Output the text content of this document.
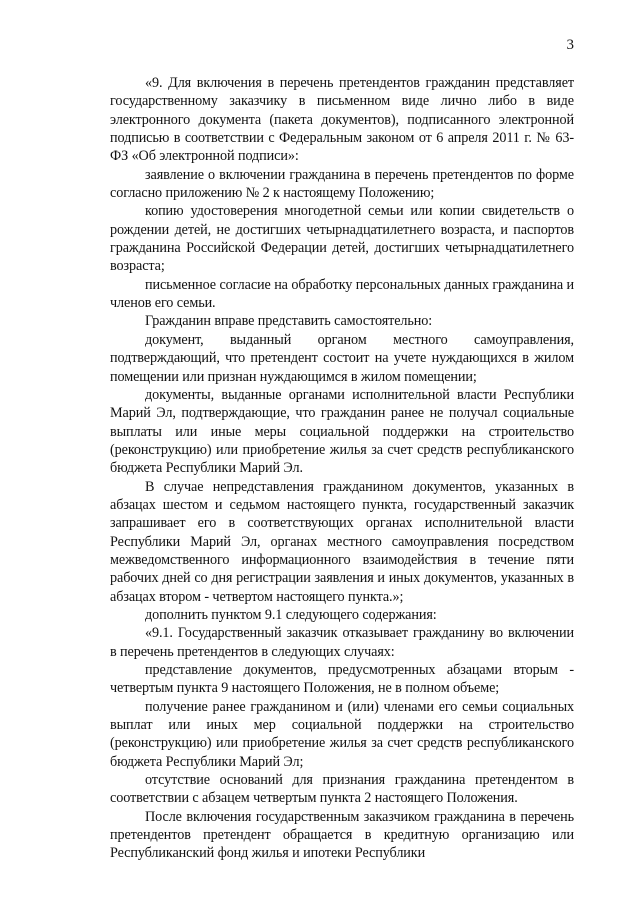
3

«9. Для включения в перечень претендентов гражданин представляет государственному заказчику в письменном виде лично либо в виде электронного документа (пакета документов), подписанного электронной подписью в соответствии с Федеральным законом от 6 апреля 2011 г. № 63-ФЗ «Об электронной подписи»:

заявление о включении гражданина в перечень претендентов по форме согласно приложению № 2 к настоящему Положению;

копию удостоверения многодетной семьи или копии свидетельств о рождении детей, не достигших четырнадцатилетнего возраста, и паспортов гражданина Российской Федерации детей, достигших четырнадцатилетнего возраста;

письменное согласие на обработку персональных данных гражданина и членов его семьи.

Гражданин вправе представить самостоятельно:

документ, выданный органом местного самоуправления, подтверждающий, что претендент состоит на учете нуждающихся в жилом помещении или признан нуждающимся в жилом помещении;

документы, выданные органами исполнительной власти Республики Марий Эл, подтверждающие, что гражданин ранее не получал социальные выплаты или иные меры социальной поддержки на строительство (реконструкцию) или приобретение жилья за счет средств республиканского бюджета Республики Марий Эл.

В случае непредставления гражданином документов, указанных в абзацах шестом и седьмом настоящего пункта, государственный заказчик запрашивает его в соответствующих органах исполнительной власти Республики Марий Эл, органах местного самоуправления посредством межведомственного информационного взаимодействия в течение пяти рабочих дней со дня регистрации заявления и иных документов, указанных в абзацах втором - четвертом настоящего пункта.»;

дополнить пунктом 9.1 следующего содержания:

«9.1. Государственный заказчик отказывает гражданину во включении в перечень претендентов в следующих случаях:

представление документов, предусмотренных абзацами вторым - четвертым пункта 9 настоящего Положения, не в полном объеме;

получение ранее гражданином и (или) членами его семьи социальных выплат или иных мер социальной поддержки на строительство (реконструкцию) или приобретение жилья за счет средств республиканского бюджета Республики Марий Эл;

отсутствие оснований для признания гражданина претендентом в соответствии с абзацем четвертым пункта 2 настоящего Положения.

После включения государственным заказчиком гражданина в перечень претендентов претендент обращается в кредитную организацию или Республиканский фонд жилья и ипотеки Республики
